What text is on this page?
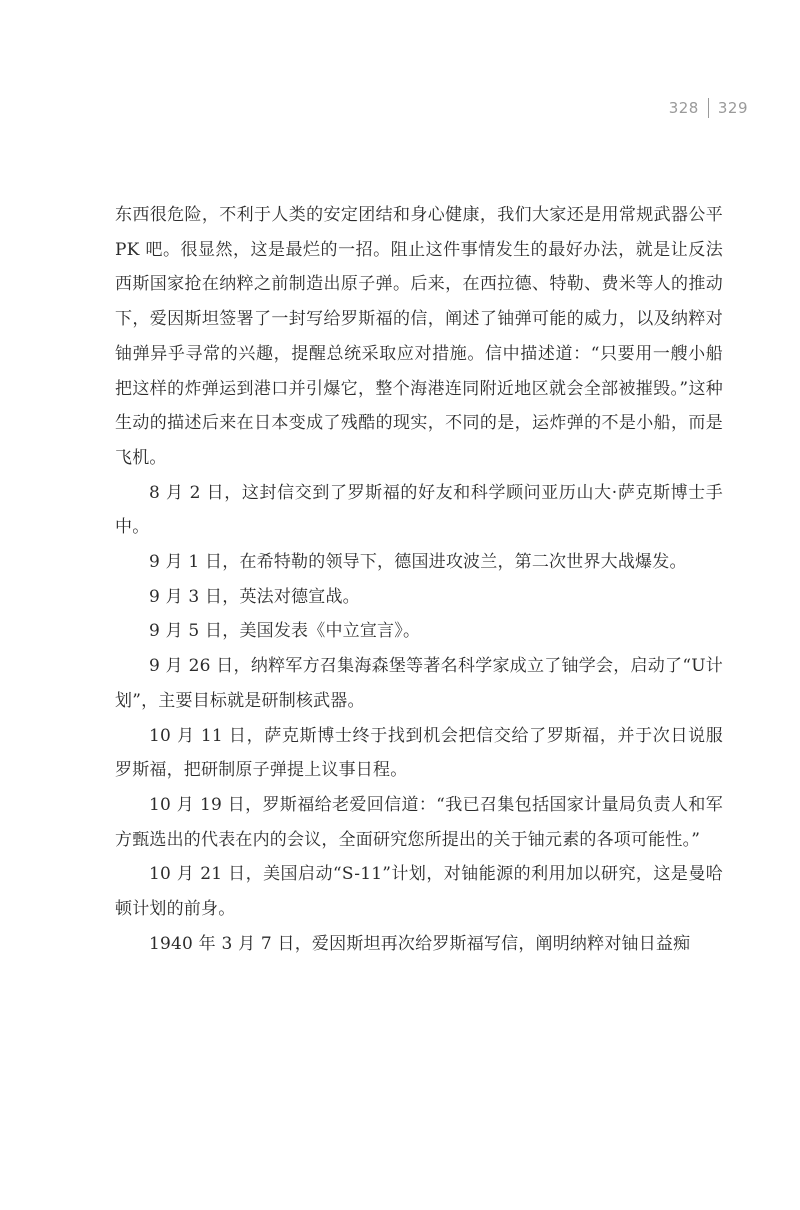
328 329

东西很危险，不利于人类的安定团结和身心健康，我们大家还是用常规武器公平 PK 吧。很显然，这是最烂的一招。阻止这件事情发生的最好办法，就是让反法西斯国家抢在纳粹之前制造出原子弹。后来，在西拉德、特勒、费米等人的推动下，爱因斯坦签署了一封写给罗斯福的信，阐述了铀弹可能的威力，以及纳粹对铀弹异乎寻常的兴趣，提醒总统采取应对措施。信中描述道：“只要用一艘小船把这样的炸弹运到港口并引爆它，整个海港连同附近地区就会全部被摧毁。”这种生动的描述后来在日本变成了残酷的现实，不同的是，运炸弹的不是小船，而是飞机。

8 月 2 日，这封信交到了罗斯福的好友和科学顾问亚历山大·萨克斯博士手中。

9 月 1 日，在希特勒的领导下，德国进攻波兰，第二次世界大战爆发。

9 月 3 日，英法对德宣战。

9 月 5 日，美国发表《中立宣言》。

9 月 26 日，纳粹军方召集海森堡等著名科学家成立了铀学会，启动了“U计划”，主要目标就是研制核武器。

10 月 11 日，萨克斯博士终于找到机会把信交给了罗斯福，并于次日说服罗斯福，把研制原子弹提上议事日程。

10 月 19 日，罗斯福给老爱回信道：“我已召集包括国家计量局负责人和军方甄选出的代表在内的会议，全面研究您所提出的关于铀元素的各项可能性。”

10 月 21 日，美国启动“S-11”计划，对铀能源的利用加以研究，这是曼哈顿计划的前身。

1940 年 3 月 7 日，爱因斯坦再次给罗斯福写信，阐明纳粹对铀日益痴
